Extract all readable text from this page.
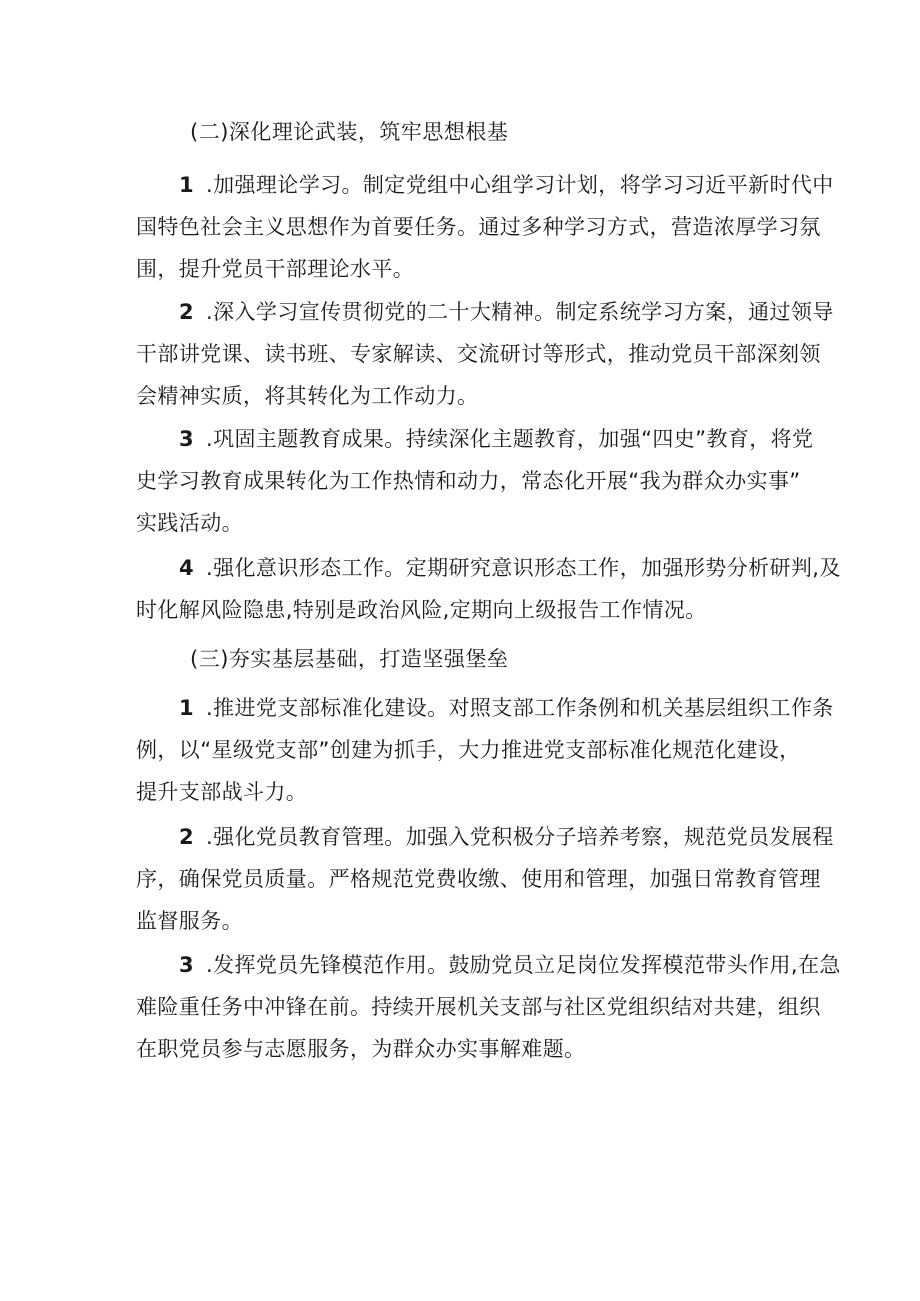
(二)深化理论武装，筑牢思想根基
1 .加强理论学习。制定党组中心组学习计划，将学习习近平新时代中
国特色社会主义思想作为首要任务。通过多种学习方式，营造浓厚学习氛
围，提升党员干部理论水平。
2 .深入学习宣传贯彻党的二十大精神。制定系统学习方案，通过领导
干部讲党课、读书班、专家解读、交流研讨等形式，推动党员干部深刻领
会精神实质，将其转化为工作动力。
3 .巩固主题教育成果。持续深化主题教育，加强“四史”教育，将党
史学习教育成果转化为工作热情和动力，常态化开展“我为群众办实事”
实践活动。
4 .强化意识形态工作。定期研究意识形态工作，加强形势分析研判,及
时化解风险隐患,特别是政治风险,定期向上级报告工作情况。
(三)夯实基层基础，打造坚强堡垒
1 .推进党支部标准化建设。对照支部工作条例和机关基层组织工作条
例，以“星级党支部”创建为抓手，大力推进党支部标准化规范化建设，
提升支部战斗力。
2 .强化党员教育管理。加强入党积极分子培养考察，规范党员发展程
序，确保党员质量。严格规范党费收缴、使用和管理，加强日常教育管理
监督服务。
3 .发挥党员先锋模范作用。鼓励党员立足岗位发挥模范带头作用,在急
难险重任务中冲锋在前。持续开展机关支部与社区党组织结对共建，组织
在职党员参与志愿服务，为群众办实事解难题。
